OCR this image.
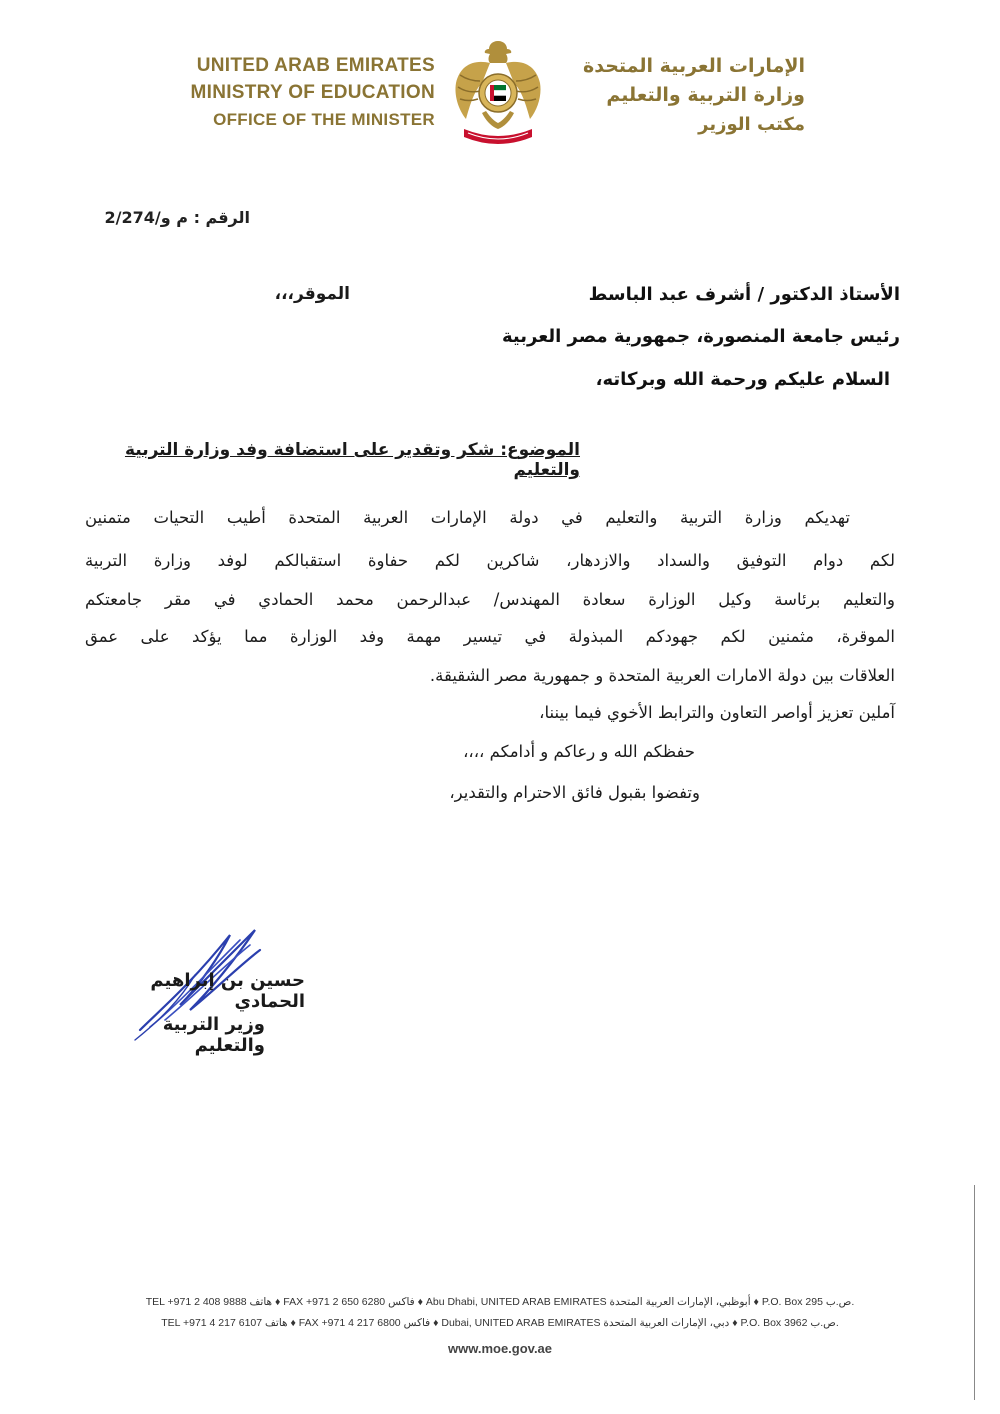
UNITED ARAB EMIRATES
MINISTRY OF EDUCATION
OFFICE OF THE MINISTER
الإمارات العربية المتحدة
وزارة التربية والتعليم
مكتب الوزير
الرقم : م و/2/274
الأستاذ الدكتور / أشرف عبد الباسط
الموقر،،،
رئيس جامعة المنصورة، جمهورية مصر العربية
السلام عليكم ورحمة الله وبركاته،
الموضوع: شكر وتقدير على استضافة وفد وزارة التربية والتعليم
تهديكم وزارة التربية والتعليم في دولة الإمارات العربية المتحدة أطيب التحيات متمنين
لكم دوام التوفيق والسداد والازدهار، شاكرين لكم حفاوة استقبالكم لوفد وزارة التربية
والتعليم برئاسة وكيل الوزارة سعادة المهندس/ عبدالرحمن محمد الحمادي في مقر جامعتكم
الموقرة، مثمنين لكم جهودكم المبذولة في تيسير مهمة وفد الوزارة مما يؤكد على عمق
العلاقات بين دولة الامارات العربية المتحدة و جمهورية مصر الشقيقة.
آملين تعزيز أواصر التعاون والترابط الأخوي فيما بيننا،
حفظكم الله و رعاكم و أدامكم ،،،،
وتفضوا بقبول فائق الاحترام والتقدير،
حسين بن إبراهيم الحمادي
وزير التربية والتعليم
TEL +971 2 408 9888 هاتف ♦ FAX +971 2 650 6280 فاكس ♦ Abu Dhabi, UNITED ARAB EMIRATES أبوظبي، الإمارات العربية المتحدة ♦ P.O. Box 295 ص.ب.
TEL +971 4 217 6107 هاتف ♦ FAX +971 4 217 6800 فاكس ♦ Dubai, UNITED ARAB EMIRATES دبي، الإمارات العربية المتحدة ♦ P.O. Box 3962 ص.ب.
www.moe.gov.ae
